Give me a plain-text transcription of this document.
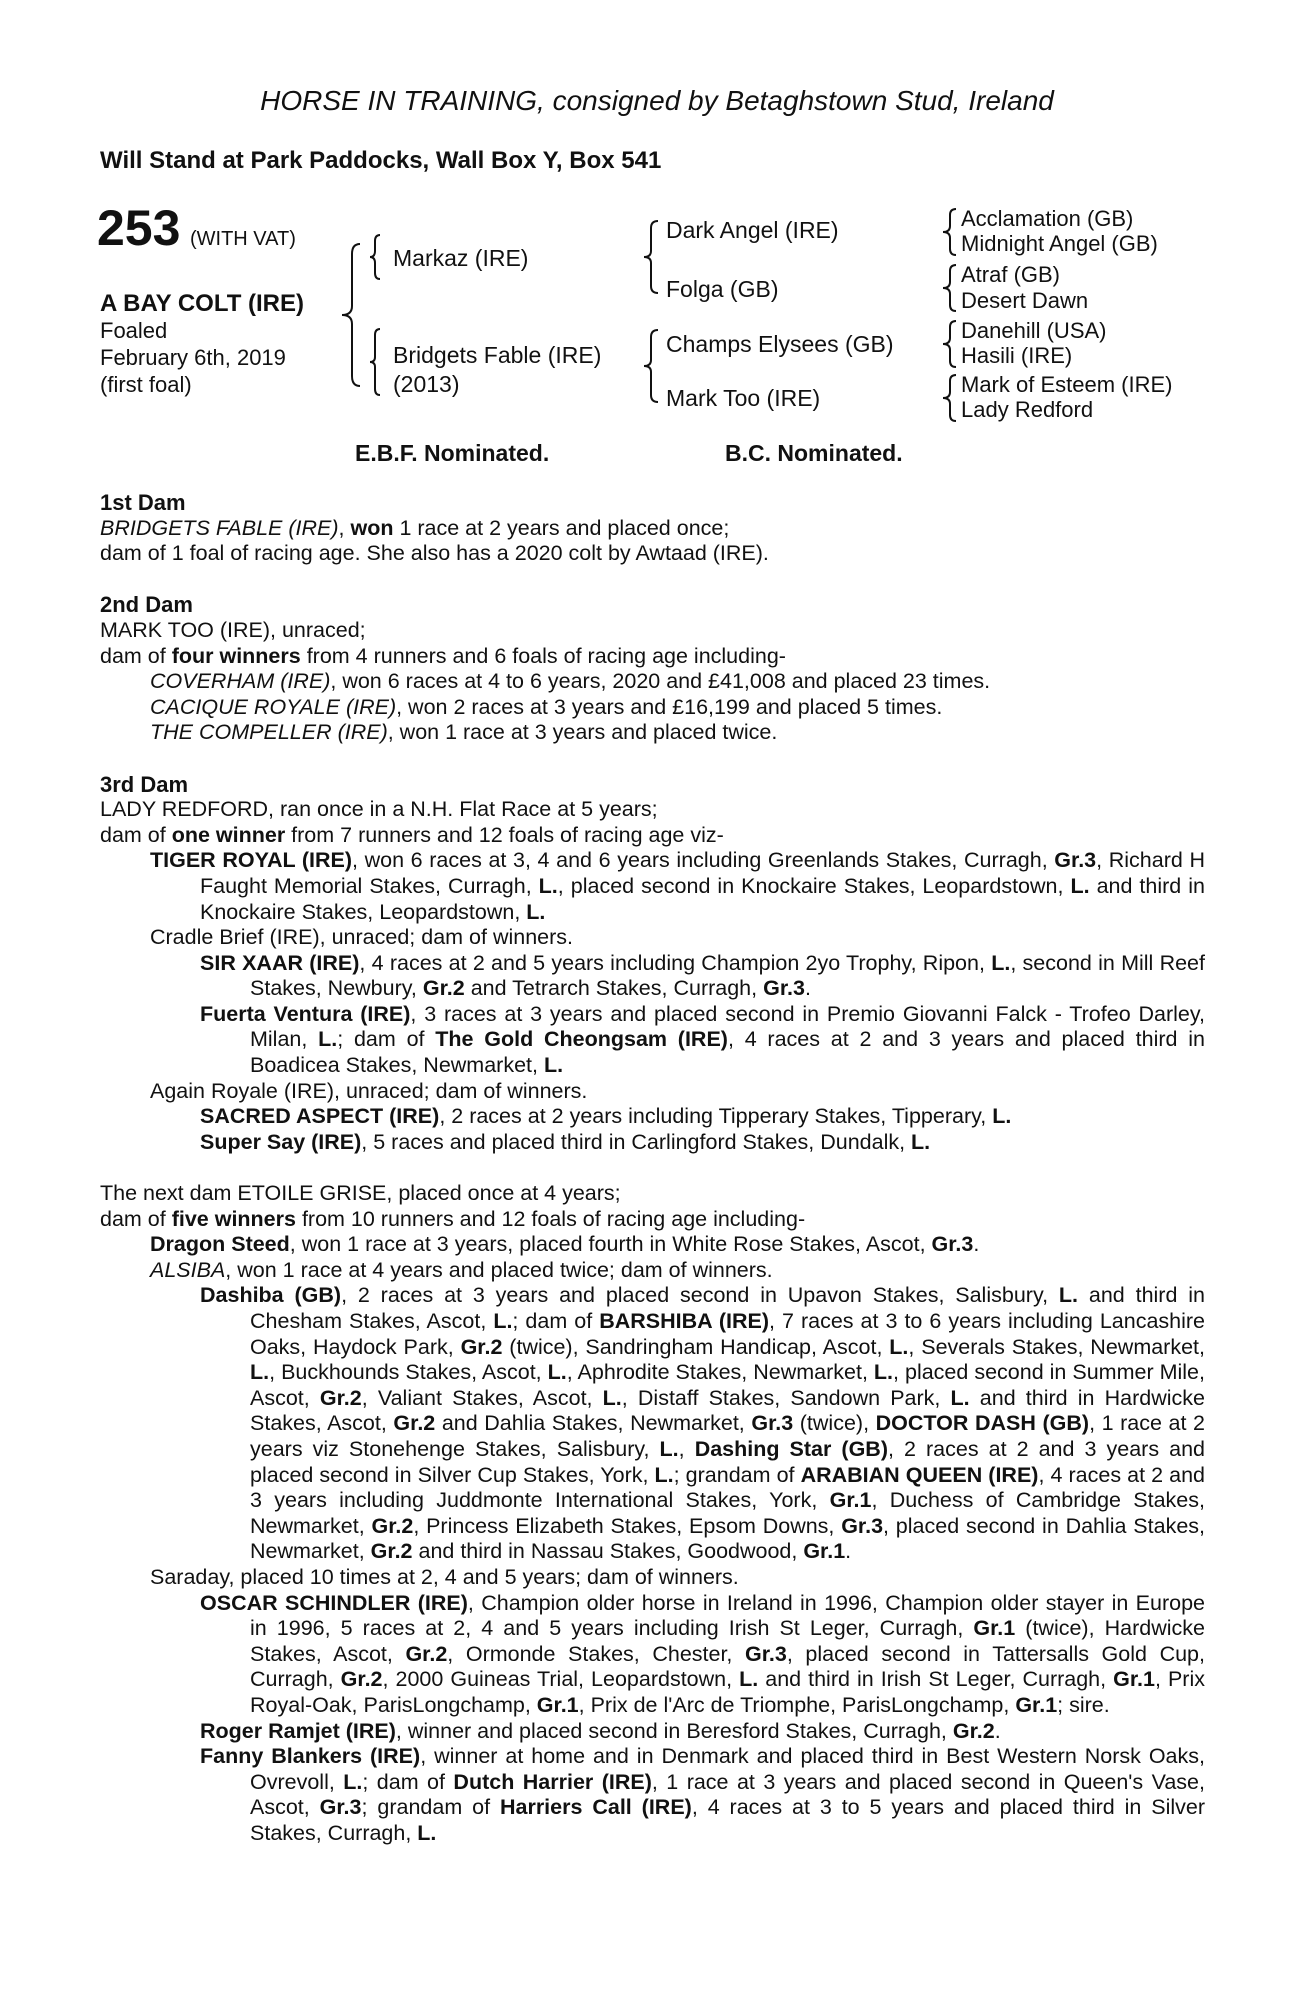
HORSE IN TRAINING, consigned by Betaghstown Stud, Ireland
Will Stand at Park Paddocks, Wall Box Y, Box 541
253 (WITH VAT)
A BAY COLT (IRE)
Foaled
February 6th, 2019
(first foal)
Markaz (IRE)
Bridgets Fable (IRE)
(2013)
Dark Angel (IRE)
Folga (GB)
Champs Elysees (GB)
Mark Too (IRE)
Acclamation (GB)
Midnight Angel (GB)
Atraf (GB)
Desert Dawn
Danehill (USA)
Hasili (IRE)
Mark of Esteem (IRE)
Lady Redford
E.B.F. Nominated.	B.C. Nominated.

1st Dam

BRIDGETS FABLE (IRE), won 1 race at 2 years and placed once;

dam of 1 foal of racing age. She also has a 2020 colt by Awtaad (IRE).

2nd Dam

MARK TOO (IRE), unraced;

dam of four winners from 4 runners and 6 foals of racing age including-

COVERHAM (IRE), won 6 races at 4 to 6 years, 2020 and £41,008 and placed 23 times.

CACIQUE ROYALE (IRE), won 2 races at 3 years and £16,199 and placed 5 times.

THE COMPELLER (IRE), won 1 race at 3 years and placed twice.

3rd Dam

LADY REDFORD, ran once in a N.H. Flat Race at 5 years;

dam of one winner from 7 runners and 12 foals of racing age viz-

TIGER ROYAL (IRE), won 6 races at 3, 4 and 6 years including Greenlands Stakes, Curragh, Gr.3, Richard H Faught Memorial Stakes, Curragh, L., placed second in Knockaire Stakes, Leopardstown, L. and third in Knockaire Stakes, Leopardstown, L.

Cradle Brief (IRE), unraced; dam of winners.

SIR XAAR (IRE), 4 races at 2 and 5 years including Champion 2yo Trophy, Ripon, L., second in Mill Reef Stakes, Newbury, Gr.2 and Tetrarch Stakes, Curragh, Gr.3.

Fuerta Ventura (IRE), 3 races at 3 years and placed second in Premio Giovanni Falck - Trofeo Darley, Milan, L.; dam of The Gold Cheongsam (IRE), 4 races at 2 and 3 years and placed third in Boadicea Stakes, Newmarket, L.

Again Royale (IRE), unraced; dam of winners.

SACRED ASPECT (IRE), 2 races at 2 years including Tipperary Stakes, Tipperary, L.

Super Say (IRE), 5 races and placed third in Carlingford Stakes, Dundalk, L.

The next dam ETOILE GRISE, placed once at 4 years;

dam of five winners from 10 runners and 12 foals of racing age including-

Dragon Steed, won 1 race at 3 years, placed fourth in White Rose Stakes, Ascot, Gr.3.

ALSIBA, won 1 race at 4 years and placed twice; dam of winners.

Dashiba (GB), 2 races at 3 years and placed second in Upavon Stakes, Salisbury, L. and third in Chesham Stakes, Ascot, L.; dam of BARSHIBA (IRE), 7 races at 3 to 6 years including Lancashire Oaks, Haydock Park, Gr.2 (twice), Sandringham Handicap, Ascot, L., Severals Stakes, Newmarket, L., Buckhounds Stakes, Ascot, L., Aphrodite Stakes, Newmarket, L., placed second in Summer Mile, Ascot, Gr.2, Valiant Stakes, Ascot, L., Distaff Stakes, Sandown Park, L. and third in Hardwicke Stakes, Ascot, Gr.2 and Dahlia Stakes, Newmarket, Gr.3 (twice), DOCTOR DASH (GB), 1 race at 2 years viz Stonehenge Stakes, Salisbury, L., Dashing Star (GB), 2 races at 2 and 3 years and placed second in Silver Cup Stakes, York, L.; grandam of ARABIAN QUEEN (IRE), 4 races at 2 and 3 years including Juddmonte International Stakes, York, Gr.1, Duchess of Cambridge Stakes, Newmarket, Gr.2, Princess Elizabeth Stakes, Epsom Downs, Gr.3, placed second in Dahlia Stakes, Newmarket, Gr.2 and third in Nassau Stakes, Goodwood, Gr.1.

Saraday, placed 10 times at 2, 4 and 5 years; dam of winners.

OSCAR SCHINDLER (IRE), Champion older horse in Ireland in 1996, Champion older stayer in Europe in 1996, 5 races at 2, 4 and 5 years including Irish St Leger, Curragh, Gr.1 (twice), Hardwicke Stakes, Ascot, Gr.2, Ormonde Stakes, Chester, Gr.3, placed second in Tattersalls Gold Cup, Curragh, Gr.2, 2000 Guineas Trial, Leopardstown, L. and third in Irish St Leger, Curragh, Gr.1, Prix Royal-Oak, ParisLongchamp, Gr.1, Prix de l'Arc de Triomphe, ParisLongchamp, Gr.1; sire.

Roger Ramjet (IRE), winner and placed second in Beresford Stakes, Curragh, Gr.2.

Fanny Blankers (IRE), winner at home and in Denmark and placed third in Best Western Norsk Oaks, Ovrevoll, L.; dam of Dutch Harrier (IRE), 1 race at 3 years and placed second in Queen's Vase, Ascot, Gr.3; grandam of Harriers Call (IRE), 4 races at 3 to 5 years and placed third in Silver Stakes, Curragh, L.
